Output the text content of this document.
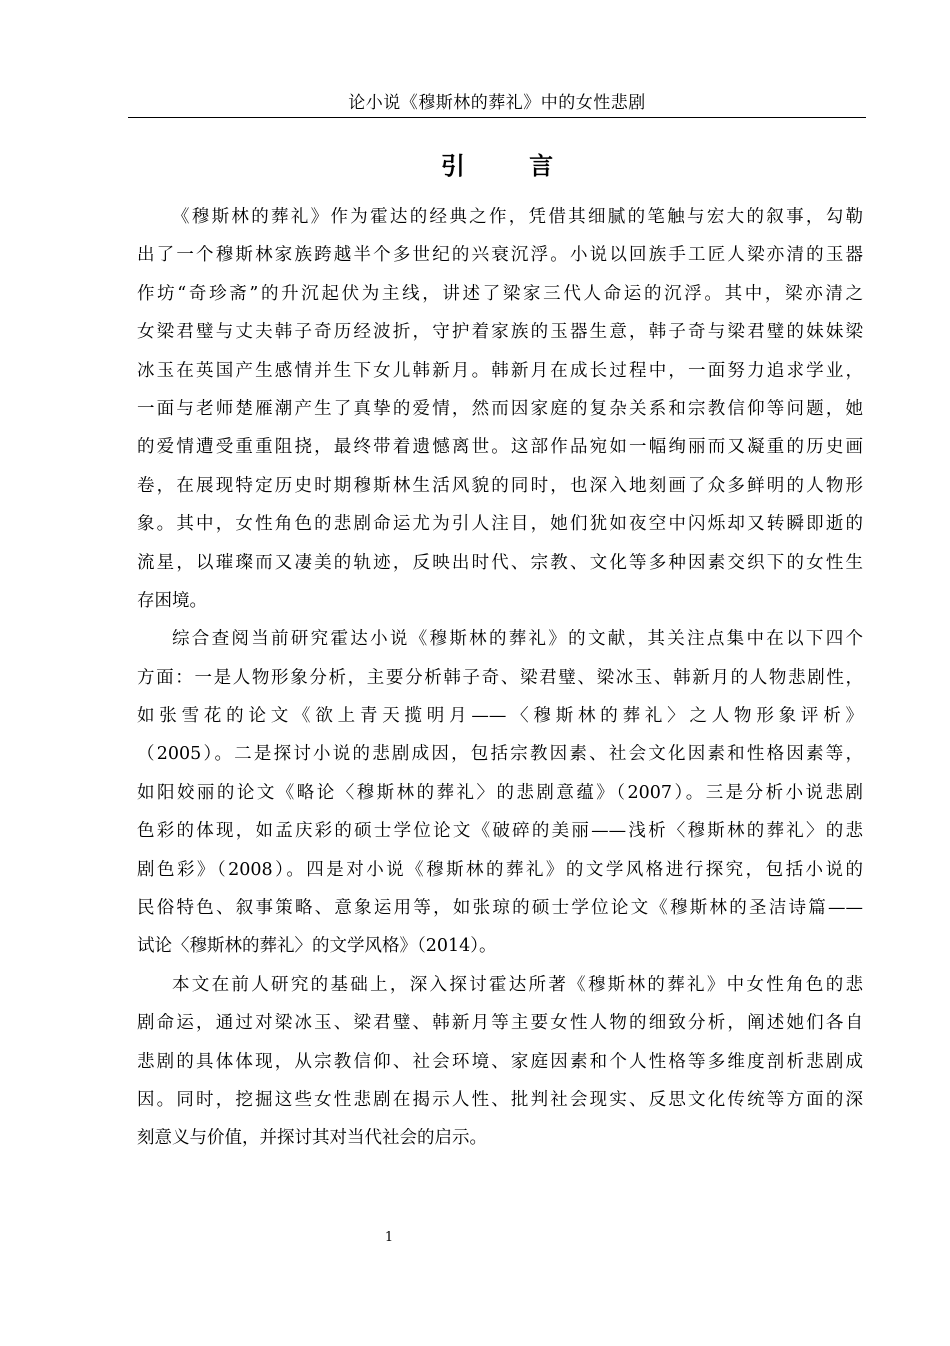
论小说《穆斯林的葬礼》中的女性悲剧
引 言
《穆斯林的葬礼》作为霍达的经典之作，凭借其细腻的笔触与宏大的叙事，勾勒
出了一个穆斯林家族跨越半个多世纪的兴衰沉浮。小说以回族手工匠人梁亦清的玉器
作坊“奇珍斋”的升沉起伏为主线，讲述了梁家三代人命运的沉浮。其中，梁亦清之
女梁君璧与丈夫韩子奇历经波折，守护着家族的玉器生意，韩子奇与梁君璧的妹妹梁
冰玉在英国产生感情并生下女儿韩新月。韩新月在成长过程中，一面努力追求学业，
一面与老师楚雁潮产生了真挚的爱情，然而因家庭的复杂关系和宗教信仰等问题，她
的爱情遭受重重阻挠，最终带着遗憾离世。这部作品宛如一幅绚丽而又凝重的历史画
卷，在展现特定历史时期穆斯林生活风貌的同时，也深入地刻画了众多鲜明的人物形
象。其中，女性角色的悲剧命运尤为引人注目，她们犹如夜空中闪烁却又转瞬即逝的
流星，以璀璨而又凄美的轨迹，反映出时代、宗教、文化等多种因素交织下的女性生
存困境。
综合查阅当前研究霍达小说《穆斯林的葬礼》的文献，其关注点集中在以下四个
方面：一是人物形象分析，主要分析韩子奇、梁君璧、梁冰玉、韩新月的人物悲剧性，
如张雪花的论文《欲上青天揽明月——〈穆斯林的葬礼〉之人物形象评析》
（2005）。二是探讨小说的悲剧成因，包括宗教因素、社会文化因素和性格因素等，
如阳姣丽的论文《略论〈穆斯林的葬礼〉的悲剧意蕴》（2007）。三是分析小说悲剧
色彩的体现，如孟庆彩的硕士学位论文《破碎的美丽——浅析〈穆斯林的葬礼〉的悲
剧色彩》（2008）。四是对小说《穆斯林的葬礼》的文学风格进行探究，包括小说的
民俗特色、叙事策略、意象运用等，如张琼的硕士学位论文《穆斯林的圣洁诗篇——
试论〈穆斯林的葬礼〉的文学风格》（2014）。
本文在前人研究的基础上，深入探讨霍达所著《穆斯林的葬礼》中女性角色的悲
剧命运，通过对梁冰玉、梁君璧、韩新月等主要女性人物的细致分析，阐述她们各自
悲剧的具体体现，从宗教信仰、社会环境、家庭因素和个人性格等多维度剖析悲剧成
因。同时，挖掘这些女性悲剧在揭示人性、批判社会现实、反思文化传统等方面的深
刻意义与价值，并探讨其对当代社会的启示。
1
